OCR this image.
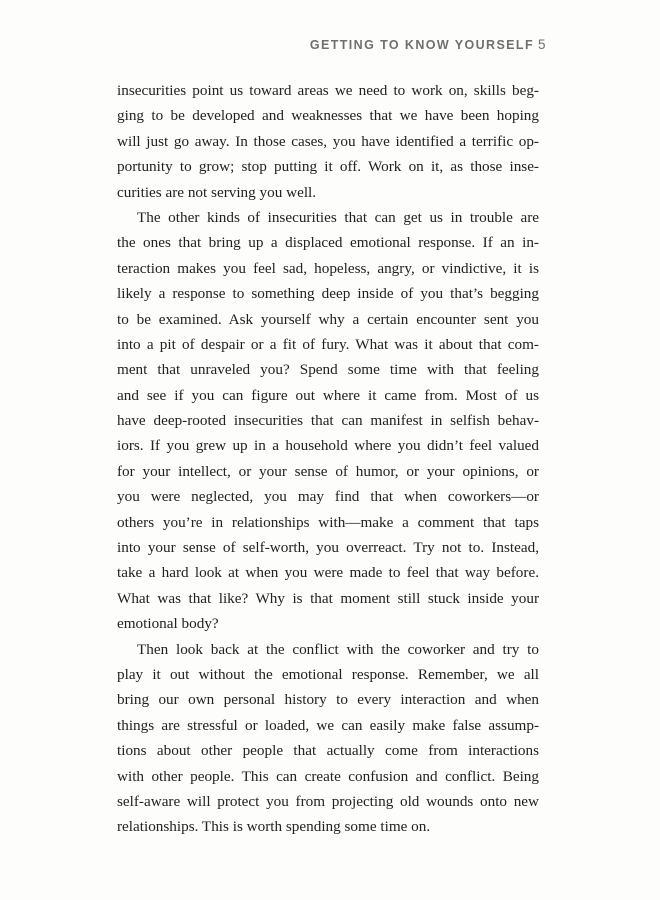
GETTING TO KNOW YOURSELF 5
insecurities point us toward areas we need to work on, skills beg-
ging to be developed and weaknesses that we have been hoping
will just go away. In those cases, you have identified a terrific op-
portunity to grow; stop putting it off. Work on it, as those inse-
curities are not serving you well.
The other kinds of insecurities that can get us in trouble are
the ones that bring up a displaced emotional response. If an in-
teraction makes you feel sad, hopeless, angry, or vindictive, it is
likely a response to something deep inside of you that’s begging
to be examined. Ask yourself why a certain encounter sent you
into a pit of despair or a fit of fury. What was it about that com-
ment that unraveled you? Spend some time with that feeling
and see if you can figure out where it came from. Most of us
have deep-rooted insecurities that can manifest in selfish behav-
iors. If you grew up in a household where you didn’t feel valued
for your intellect, or your sense of humor, or your opinions, or
you were neglected, you may find that when coworkers—or
others you’re in relationships with—make a comment that taps
into your sense of self-worth, you overreact. Try not to. Instead,
take a hard look at when you were made to feel that way before.
What was that like? Why is that moment still stuck inside your
emotional body?
Then look back at the conflict with the coworker and try to
play it out without the emotional response. Remember, we all
bring our own personal history to every interaction and when
things are stressful or loaded, we can easily make false assump-
tions about other people that actually come from interactions
with other people. This can create confusion and conflict. Being
self-aware will protect you from projecting old wounds onto new
relationships. This is worth spending some time on.
